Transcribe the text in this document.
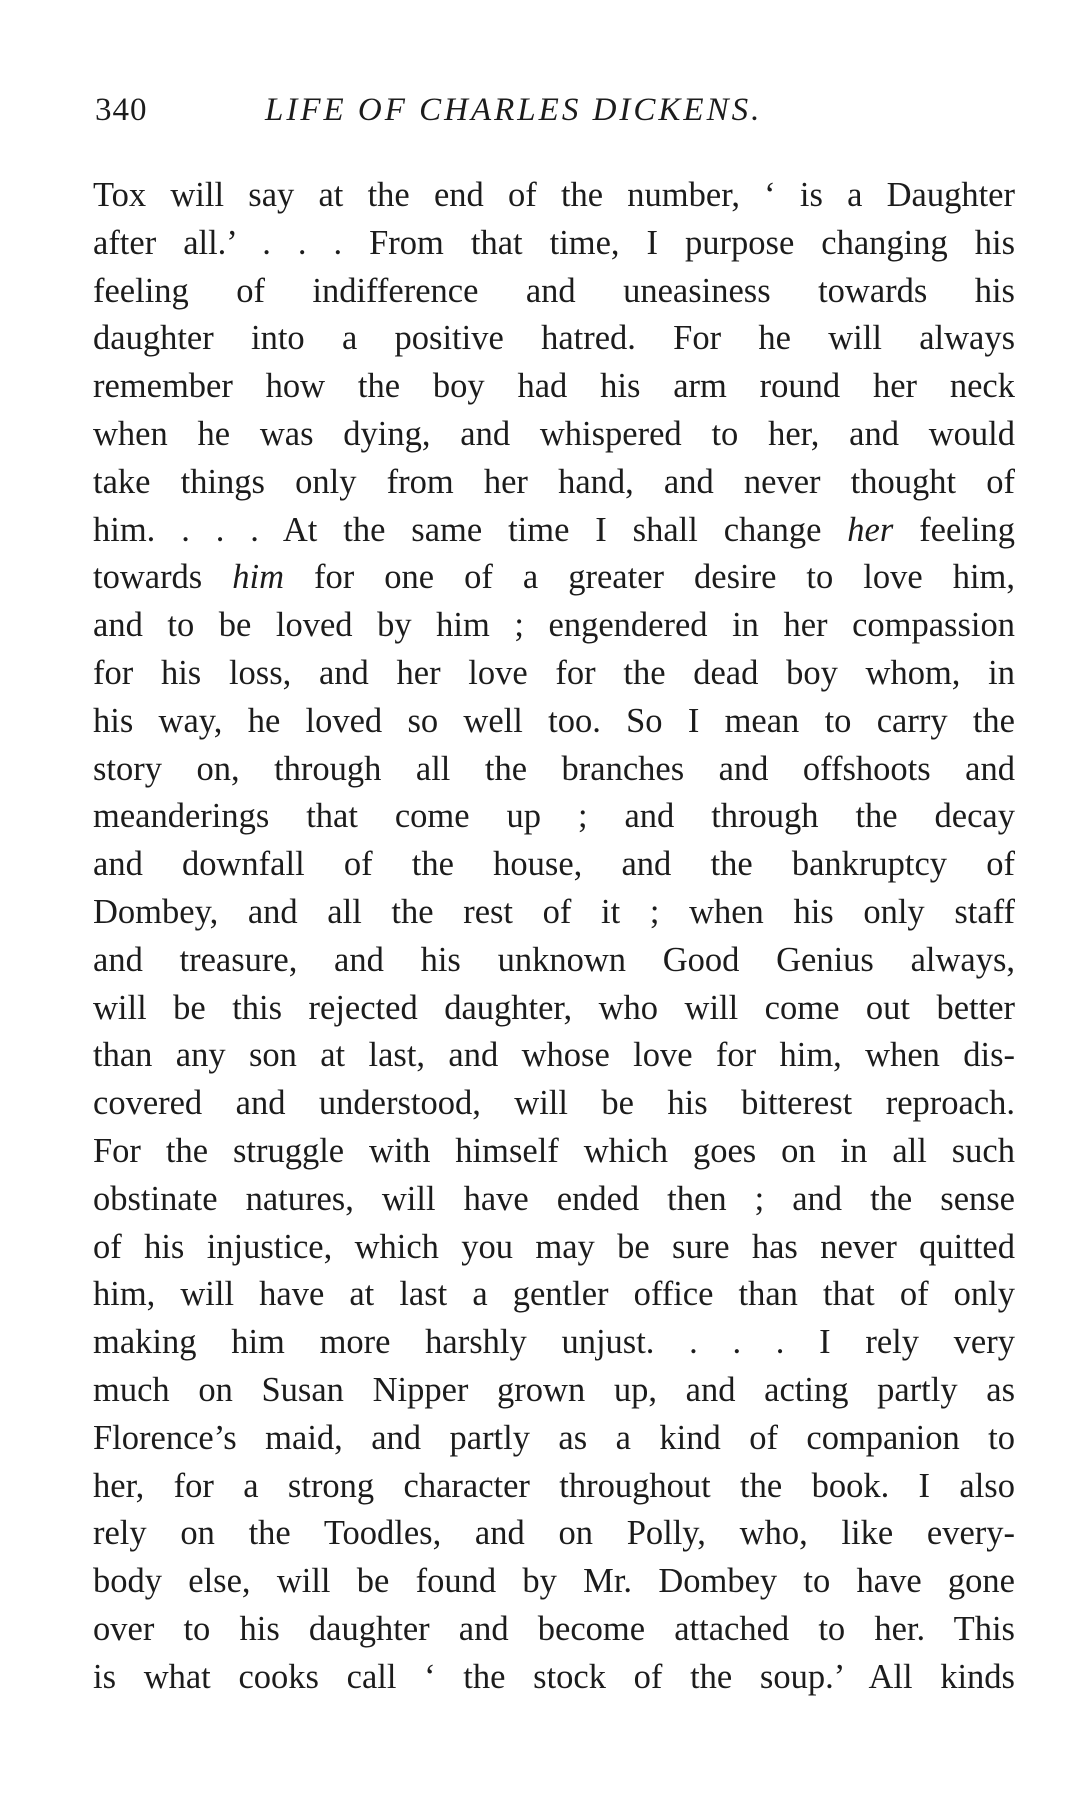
340	LIFE OF CHARLES DICKENS.
Tox will say at the end of the number, ‘ is a Daughter
after all.’ . . . From that time, I purpose changing his
feeling of indifference and uneasiness towards his
daughter into a positive hatred. For he will always
remember how the boy had his arm round her neck
when he was dying, and whispered to her, and would
take things only from her hand, and never thought of
him. . . . At the same time I shall change her feeling
towards him for one of a greater desire to love him,
and to be loved by him ; engendered in her compassion
for his loss, and her love for the dead boy whom, in
his way, he loved so well too. So I mean to carry the
story on, through all the branches and offshoots and
meanderings that come up ; and through the decay
and downfall of the house, and the bankruptcy of
Dombey, and all the rest of it ; when his only staff
and treasure, and his unknown Good Genius always,
will be this rejected daughter, who will come out better
than any son at last, and whose love for him, when dis-
covered and understood, will be his bitterest reproach.
For the struggle with himself which goes on in all such
obstinate natures, will have ended then ; and the sense
of his injustice, which you may be sure has never quitted
him, will have at last a gentler office than that of only
making him more harshly unjust. . . . I rely very
much on Susan Nipper grown up, and acting partly as
Florence’s maid, and partly as a kind of companion to
her, for a strong character throughout the book. I also
rely on the Toodles, and on Polly, who, like every-
body else, will be found by Mr. Dombey to have gone
over to his daughter and become attached to her. This
is what cooks call ‘ the stock of the soup.’ All kinds
